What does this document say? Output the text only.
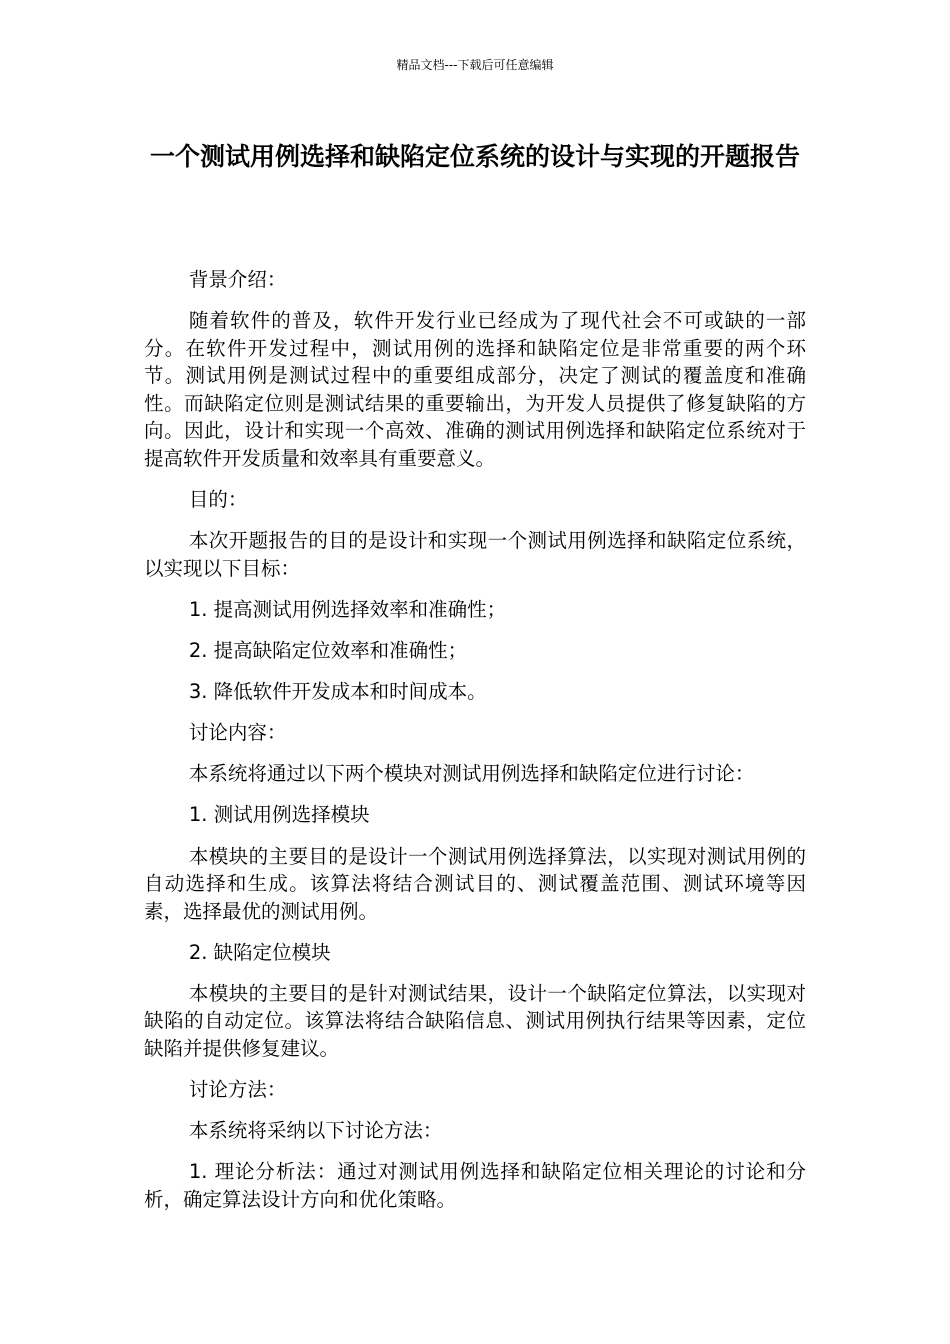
精品文档---下载后可任意编辑
一个测试用例选择和缺陷定位系统的设计与实现的开题报告

背景介绍：

随着软件的普及，软件开发行业已经成为了现代社会不可或缺的一部分。在软件开发过程中，测试用例的选择和缺陷定位是非常重要的两个环节。测试用例是测试过程中的重要组成部分，决定了测试的覆盖度和准确性。而缺陷定位则是测试结果的重要输出，为开发人员提供了修复缺陷的方向。因此，设计和实现一个高效、准确的测试用例选择和缺陷定位系统对于提高软件开发质量和效率具有重要意义。

目的：

本次开题报告的目的是设计和实现一个测试用例选择和缺陷定位系统，以实现以下目标：

1. 提高测试用例选择效率和准确性；

2. 提高缺陷定位效率和准确性；

3. 降低软件开发成本和时间成本。

讨论内容：

本系统将通过以下两个模块对测试用例选择和缺陷定位进行讨论：

1. 测试用例选择模块

本模块的主要目的是设计一个测试用例选择算法，以实现对测试用例的自动选择和生成。该算法将结合测试目的、测试覆盖范围、测试环境等因素，选择最优的测试用例。

2. 缺陷定位模块

本模块的主要目的是针对测试结果，设计一个缺陷定位算法，以实现对缺陷的自动定位。该算法将结合缺陷信息、测试用例执行结果等因素，定位缺陷并提供修复建议。

讨论方法：

本系统将采纳以下讨论方法：

1. 理论分析法：通过对测试用例选择和缺陷定位相关理论的讨论和分析，确定算法设计方向和优化策略。
